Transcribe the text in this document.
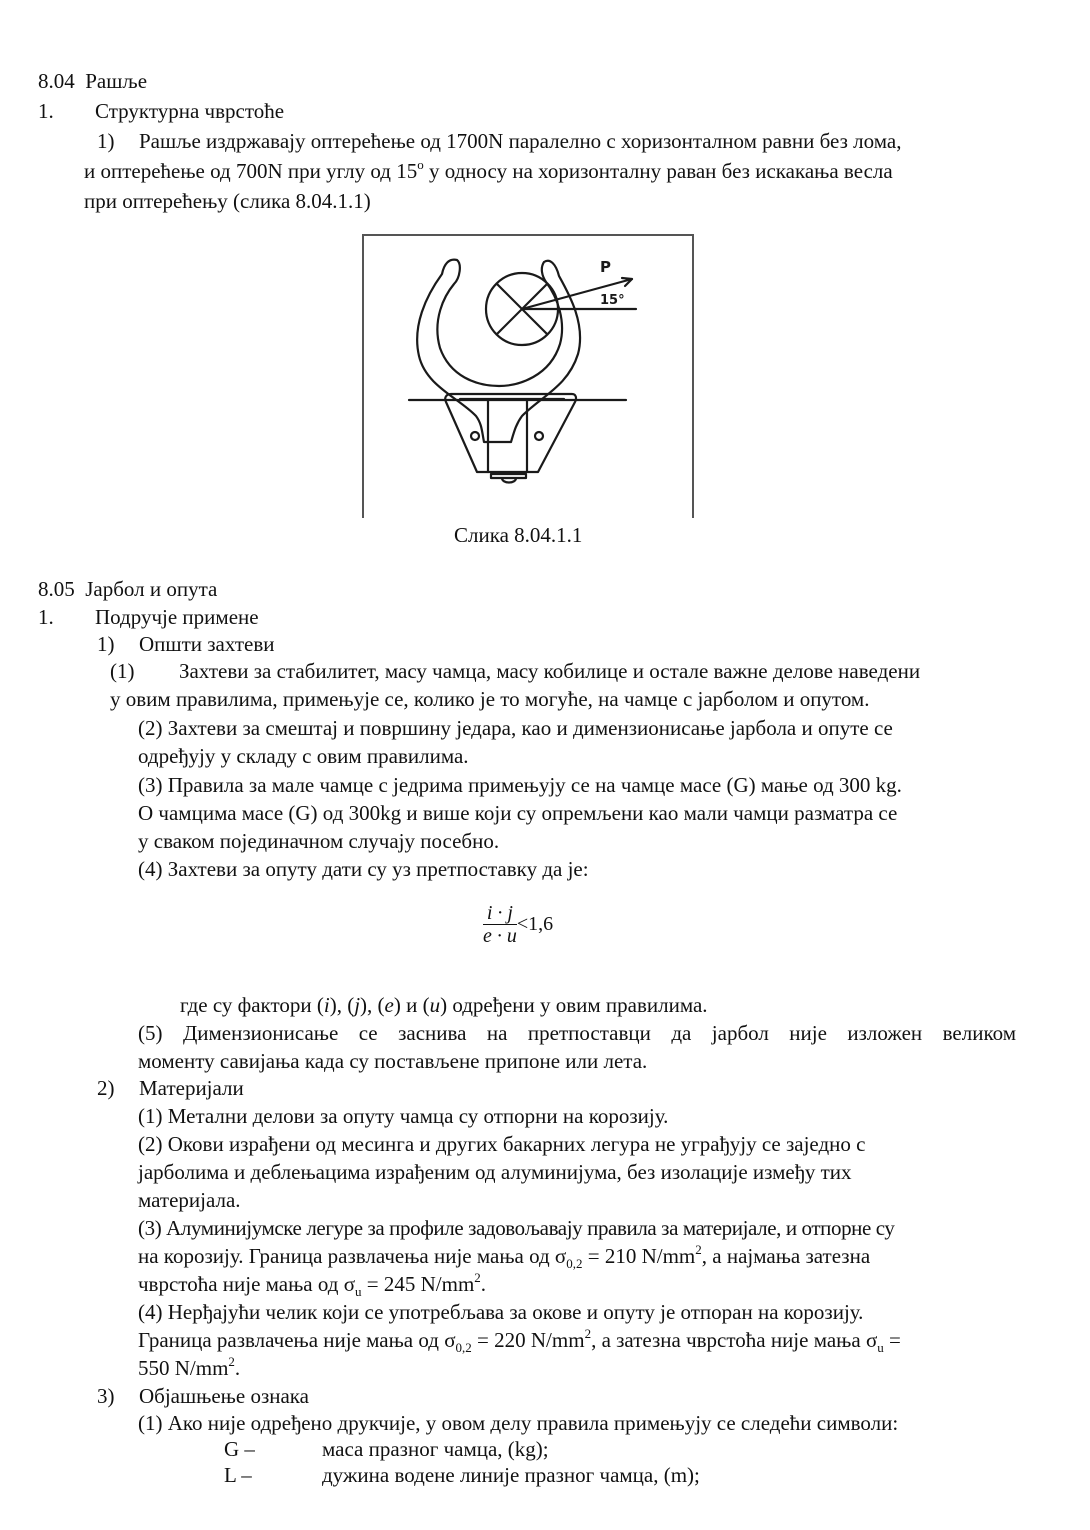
8.04 Рашље
1. Структурна чврстоће
1) Рашље издржавају оптерећење од 1700N паралелно с хоризонталном равни без лома,
и оптерећење од 700N при углу од 15$^o$ у односу на хоризонталну раван без искакања весла
при оптерећењу (слика 8.04.1.1)
P
15°
Слика 8.04.1.1
8.05 Јарбол и опута
1. Подручје примене
1) Општи захтеви
(1) Захтеви за стабилитет, масу чамца, масу кобилице и остале важне делове наведени
у овим правилима, примењује се, колико је то могуће, на чамце с јарболом и опутом.
(2) Захтеви за смештај и површину једара, као и димензионисање јарбола и опуте се
одређују у складу с овим правилима.
(3) Правила за мале чамце с једрима примењују се на чамце масе (G) мање од 300 kg.
О чамцима масе (G) од 300kg и више који су опремљени као мали чамци разматра се
у сваком појединачном случају посебно.
(4) Захтеви за опуту дати су уз претпоставку да је:
$\frac{i \cdot j}{e \cdot u} <1,6$
где су фактори (i), (j), (e) и (u) одређени у овим правилима.
(5) Димензионисање се заснива на претпоставци да јарбол није изложен великом
моменту савијања када су постављене припоне или лета.
2) Материјали
(1) Метални делови за опуту чамца су отпорни на корозију.
(2) Окови израђени од месинга и других бакарних легура не уграђују се заједно с
јарболима и деблењацима израђеним од алуминијума, без изолације између тих
материјала.
(3) Алуминијумске легуре за профиле задовољавају правила за материјале, и отпорне су
на корозију. Граница развлачења није мања од $\sigma_{0,2} = 210$ $N/mm^2$, а најмања затезна
чврстоћа није мања од $\sigma_u = 245$ $N/mm^2$.
(4) Нерђајући челик који се употребљава за окове и опуту је отпоран на корозију.
Граница развлачења није мања од $\sigma_{0,2} = 220$ $N/mm^2$, а затезна чврстоћа није мања $\sigma_u$ =
550 $N/mm^2$.
3) Објашњење ознака
(1) Ако није одређено друкчије, у овом делу правила примењују се следећи символи:
G –	маса празног чамца, (kg);
L –	дужина водене линије празног чамца, (m);
